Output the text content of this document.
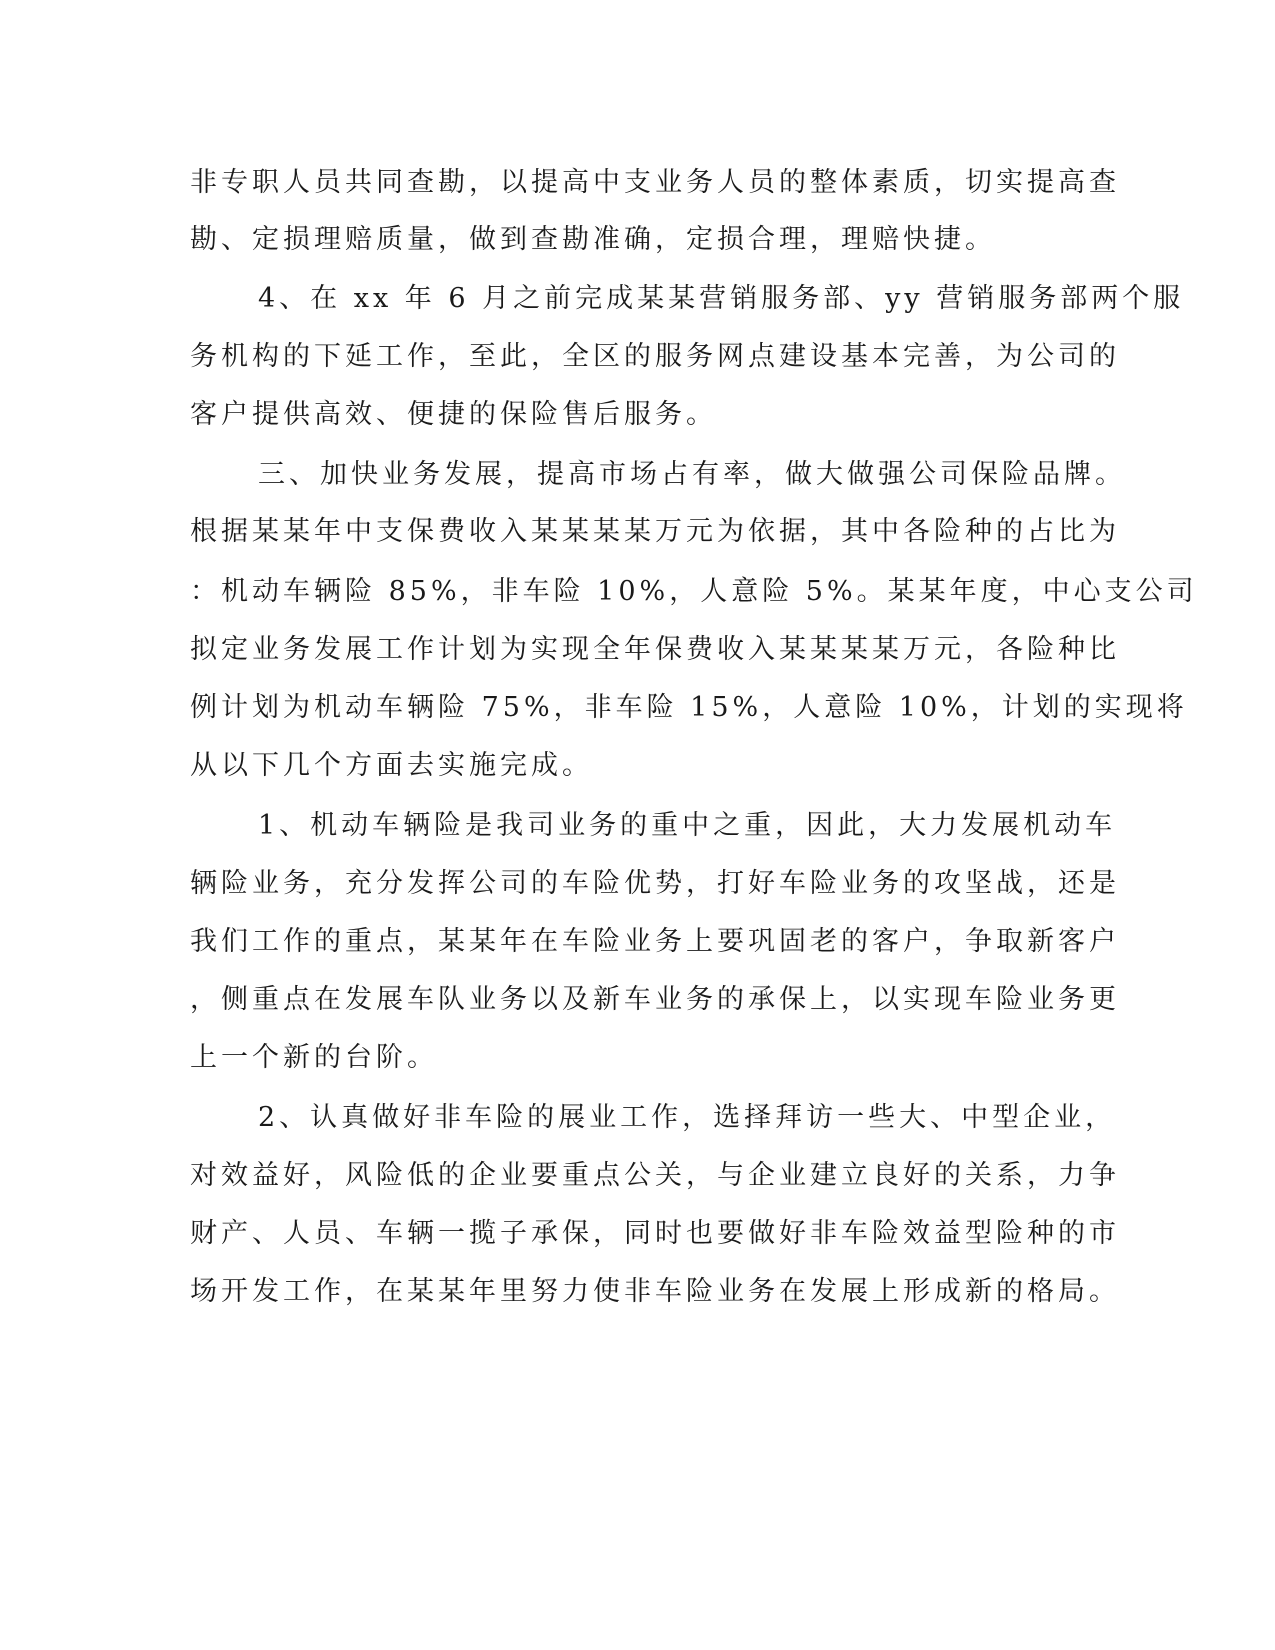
非专职人员共同查勘，以提高中支业务人员的整体素质，切实提高查
勘、定损理赔质量，做到查勘准确，定损合理，理赔快捷。
4、在 xx 年 6 月之前完成某某营销服务部、yy 营销服务部两个服
务机构的下延工作，至此，全区的服务网点建设基本完善，为公司的
客户提供高效、便捷的保险售后服务。
三、加快业务发展，提高市场占有率，做大做强公司保险品牌。
根据某某年中支保费收入某某某某万元为依据，其中各险种的占比为
：机动车辆险 85%，非车险 10%，人意险 5%。某某年度，中心支公司
拟定业务发展工作计划为实现全年保费收入某某某某万元，各险种比
例计划为机动车辆险 75%，非车险 15%，人意险 10%，计划的实现将
从以下几个方面去实施完成。
1、机动车辆险是我司业务的重中之重，因此，大力发展机动车
辆险业务，充分发挥公司的车险优势，打好车险业务的攻坚战，还是
我们工作的重点，某某年在车险业务上要巩固老的客户，争取新客户
，侧重点在发展车队业务以及新车业务的承保上，以实现车险业务更
上一个新的台阶。
2、认真做好非车险的展业工作，选择拜访一些大、中型企业，
对效益好，风险低的企业要重点公关，与企业建立良好的关系，力争
财产、人员、车辆一揽子承保，同时也要做好非车险效益型险种的市
场开发工作，在某某年里努力使非车险业务在发展上形成新的格局。
